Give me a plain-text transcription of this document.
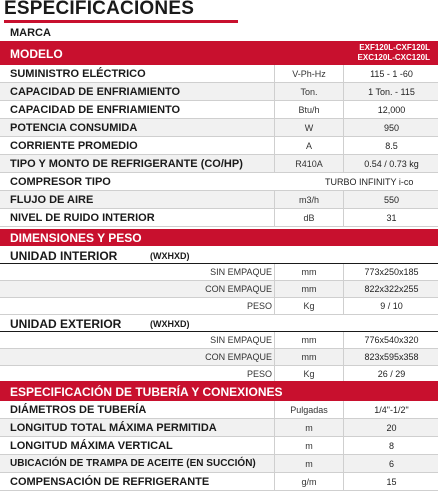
ESPECIFICACIONES
MARCA
MODELO	EXF120L-CXF120L
EXC120L-CXC120L
SUMINISTRO ELÉCTRICO	V-Ph-Hz	115 - 1 -60
CAPACIDAD DE ENFRIAMIENTO	Ton.	1 Ton. - 115
CAPACIDAD DE ENFRIAMIENTO	Btu/h	12,000
POTENCIA CONSUMIDA	W	950
CORRIENTE PROMEDIO	A	8.5
TIPO Y MONTO DE REFRIGERANTE (CO/HP)	R410A	0.54 / 0.73 kg
COMPRESOR TIPO	TURBO INFINITY i-co
FLUJO DE AIRE	m3/h	550
NIVEL DE RUIDO INTERIOR	dB	31
DIMENSIONES Y PESO
UNIDAD INTERIOR	(WXHXD)
SIN EMPAQUE	mm	773x250x185
CON EMPAQUE	mm	822x322x255
PESO	Kg	9 / 10
UNIDAD EXTERIOR	(WXHXD)
SIN EMPAQUE	mm	776x540x320
CON EMPAQUE	mm	823x595x358
PESO	Kg	26 / 29
ESPECIFICACIÓN DE TUBERÍA Y CONEXIONES
DIÁMETROS DE TUBERÍA	Pulgadas	1/4"-1/2"
LONGITUD TOTAL MÁXIMA PERMITIDA	m	20
LONGITUD MÁXIMA VERTICAL	m	8
UBICACIÓN DE TRAMPA DE ACEITE (EN SUCCIÓN)	m	6
COMPENSACIÓN DE REFRIGERANTE	g/m	15
